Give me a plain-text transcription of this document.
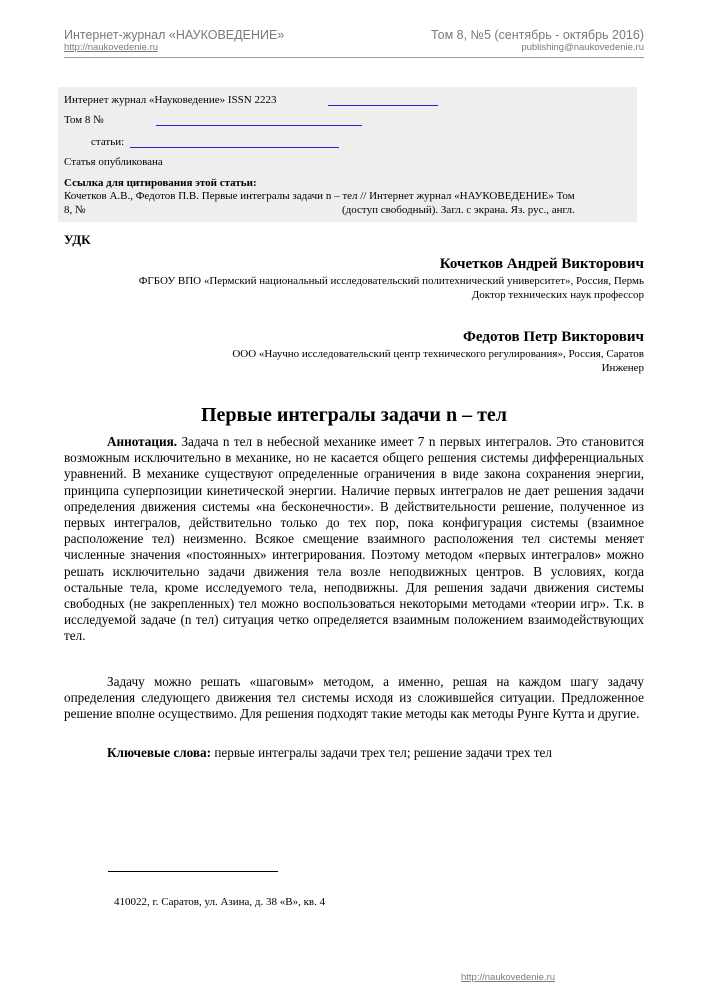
Интернет-журнал «НАУКОВЕДЕНИЕ»
http://naukovedenie.ru
Том 8, №5 (сентябрь - октябрь 2016)
publishing@naukovedenie.ru
Интернет журнал «Науковедение» ISSN 2223
Том 8 №
статьи:
Статья опубликована
Ссылка для цитирования этой статьи:
Кочетков А.В., Федотов П.В. Первые интегралы задачи n – тел // Интернет журнал «НАУКОВЕДЕНИЕ» Том
8, №	(доступ свободный). Загл. с экрана. Яз. рус., англ.
УДК
Кочетков Андрей Викторович
ФГБОУ ВПО «Пермский национальный исследовательский политехнический университет», Россия, Пермь
Доктор технических наук профессор
Федотов Петр Викторович
ООО «Научно исследовательский центр технического регулирования», Россия, Саратов
Инженер
Первые интегралы задачи n – тел

Аннотация. Задача n тел в небесной механике имеет 7 n первых интегралов. Это становится возможным исключительно в механике, но не касается общего решения системы дифференциальных уравнений. В механике существуют определенные ограничения в виде закона сохранения энергии, принципа суперпозиции кинетической энергии. Наличие первых интегралов не дает решения задачи определения движения системы «на бесконечности». В действительности решение, полученное из первых интегралов, действительно только до тех пор, пока конфигурация системы (взаимное расположение тел) неизменно. Всякое смещение взаимного расположения тел системы меняет численные значения «постоянных» интегрирования. Поэтому методом «первых интегралов» можно решать исключительно задачи движения тела возле неподвижных центров. В условиях, когда остальные тела, кроме исследуемого тела, неподвижны. Для решения задачи движения системы свободных (не закрепленных) тел можно воспользоваться некоторыми методами «теории игр». Т.к. в исследуемой задаче (n тел) ситуация четко определяется взаимным положением взаимодействующих тел.

Задачу можно решать «шаговым» методом, а именно, решая на каждом шагу задачу определения следующего движения тел системы исходя из сложившейся ситуации. Предложенное решение вполне осуществимо. Для решения подходят такие методы как методы Рунге Кутта и другие.

Ключевые слова: первые интегралы задачи трех тел; решение задачи трех тел

410022, г. Саратов, ул. Азина, д. 38 «В», кв. 4
http://naukovedenie.ru
